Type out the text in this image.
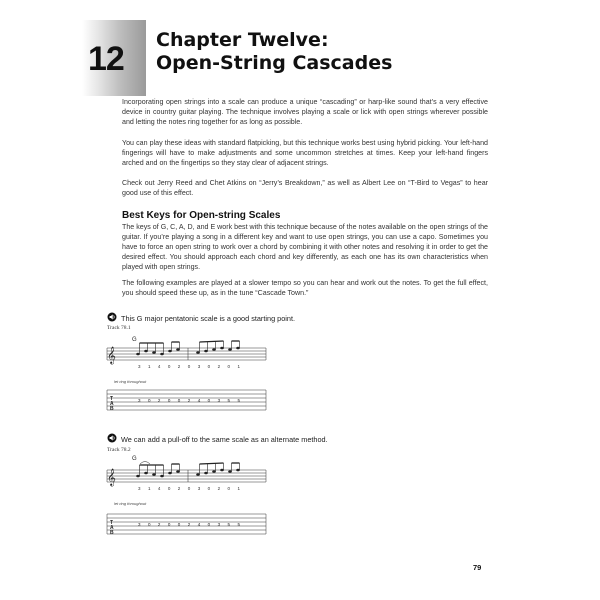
12 Chapter Twelve:
Open-String Cascades
Incorporating open strings into a scale can produce a unique “cascading” or harp-like sound that’s a very effective device in country guitar playing. The technique involves playing a scale or lick with open strings wherever possible and letting the notes ring together for as long as possible.
You can play these ideas with standard flatpicking, but this technique works best using hybrid picking. Your left-hand fingerings will have to make adjustments and some uncommon stretches at times. Keep your left-hand fingers arched and on the fingertips so they stay clear of adjacent strings.
Check out Jerry Reed and Chet Atkins on “Jerry’s Breakdown,” as well as Albert Lee on “T-Bird to Vegas” to hear good use of this effect.
Best Keys for Open-string Scales
The keys of G, C, A, D, and E work best with this technique because of the notes available on the open strings of the guitar. If you’re playing a song in a different key and want to use open strings, you can use a capo. Sometimes you have to force an open string to work over a chord by combining it with other notes and resolving it in order to get the desired effect. You should approach each chord and key differently, as each one has its own characteristics when played with open strings.
The following examples are played at a slower tempo so you can hear and work out the notes. To get the full effect, you should speed these up, as in the tune “Cascade Town.”
This G major pentatonic scale is a good starting point.
Track 78.1
𝄞
G
3 1 4 0 2 0 3 0 2 0 1
let ring throughout
T
A
B
3 0 2 0 0 2 4 0 3 5 5
We can add a pull-off to the same scale as an alternate method.
Track 78.2
𝄞
G
3 1 4 0 2 0 3 0 2 0 1
let ring throughout
T
A
B
3 0 2 0 0 2 4 0 3 5 5
79
